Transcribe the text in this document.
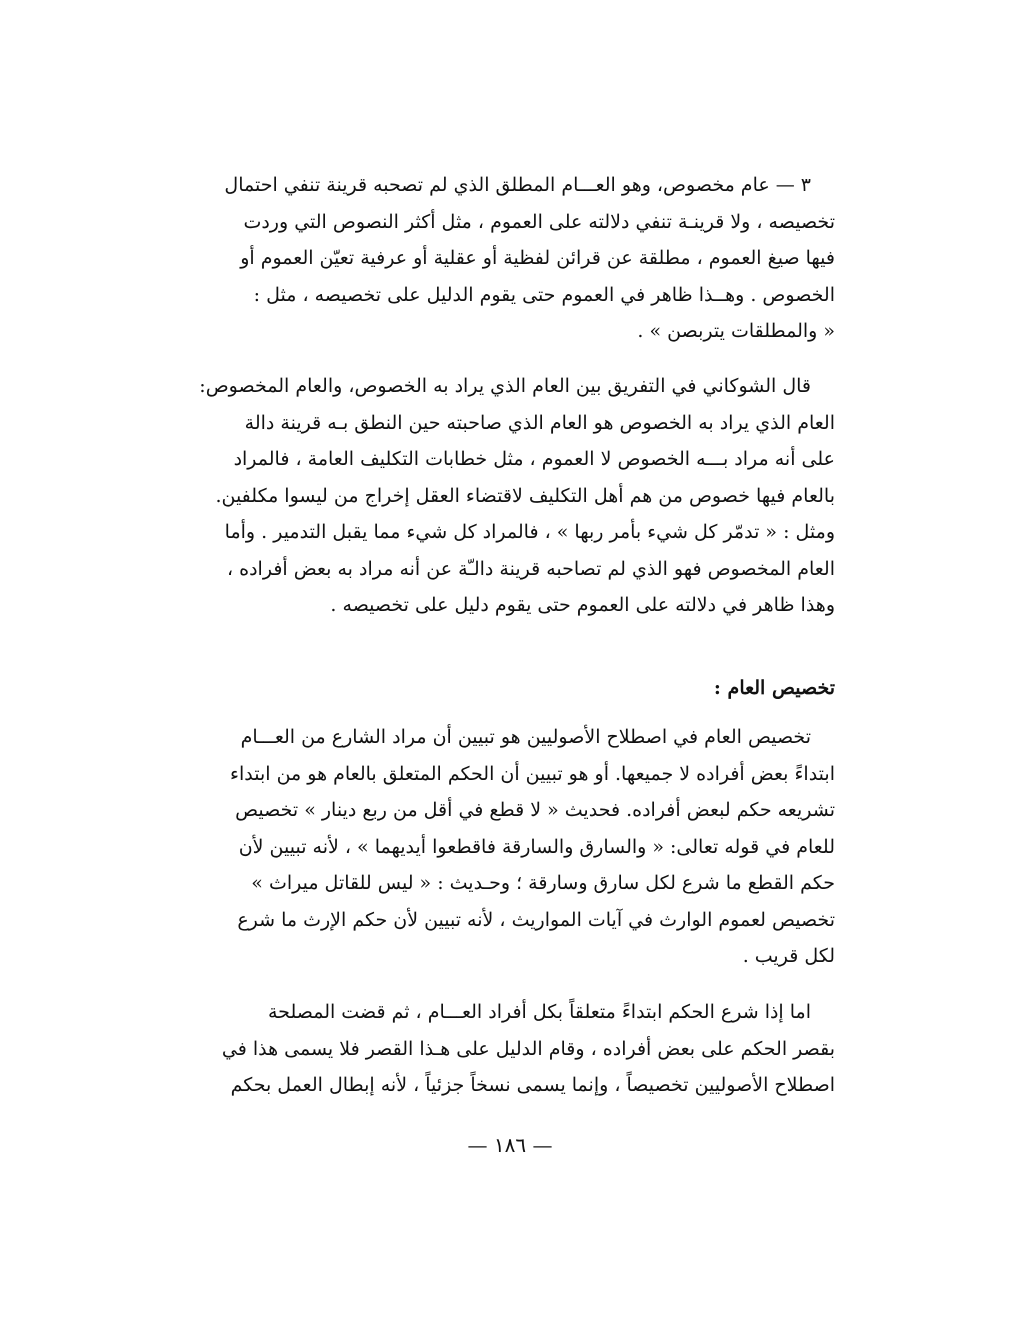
٣ — عام مخصوص، وهو العـــام المطلق الذي لم تصحبه قرينة تنفي احتمال
تخصيصه ، ولا قرينـة تنفي دلالته على العموم ، مثل أكثر النصوص التي وردت
فيها صيغ العموم ، مطلقة عن قرائن لفظية أو عقلية أو عرفية تعيّن العموم أو
الخصوص . وهــذا ظاهر في العموم حتى يقوم الدليل على تخصيصه ، مثل :
« والمطلقات يتربصن » .
قال الشوكاني في التفريق بين العام الذي يراد به الخصوص، والعام المخصوص:
العام الذي يراد به الخصوص هو العام الذي صاحبته حين النطق بـه قرينة دالة
على أنه مراد بـــه الخصوص لا العموم ، مثل خطابات التكليف العامة ، فالمراد
بالعام فيها خصوص من هم أهل التكليف لاقتضاء العقل إخراج من ليسوا مكلفين.
ومثل : « تدمّر كل شيء بأمر ربها » ، فالمراد كل شيء مما يقبل التدمير . وأما
العام المخصوص فهو الذي لم تصاحبه قرينة دالـّة عن أنه مراد به بعض أفراده ،
وهذا ظاهر في دلالته على العموم حتى يقوم دليل على تخصيصه .
تخصيص العام :
تخصيص العام في اصطلاح الأصوليين هو تبيين أن مراد الشارع من العـــام
ابتداءً بعض أفراده لا جميعها. أو هو تبيين أن الحكم المتعلق بالعام هو من ابتداء
تشريعه حكم لبعض أفراده. فحديث « لا قطع في أقل من ربع دينار » تخصيص
للعام في قوله تعالى: « والسارق والسارقة فاقطعوا أيديهما » ، لأنه تبيين لأن
حكم القطع ما شرع لكل سارق وسارقة ؛ وحـديث : « ليس للقاتل ميراث »
تخصيص لعموم الوارث في آيات المواريث ، لأنه تبيين لأن حكم الإرث ما شرع
لكل قريب .
اما إذا شرع الحكم ابتداءً متعلقاً بكل أفراد العـــام ، ثم قضت المصلحة
بقصر الحكم على بعض أفراده ، وقام الدليل على هـذا القصر فلا يسمى هذا في
اصطلاح الأصوليين تخصيصاً ، وإنما يسمى نسخاً جزئياً ، لأنه إبطال العمل بحكم
— ١٨٦ —
